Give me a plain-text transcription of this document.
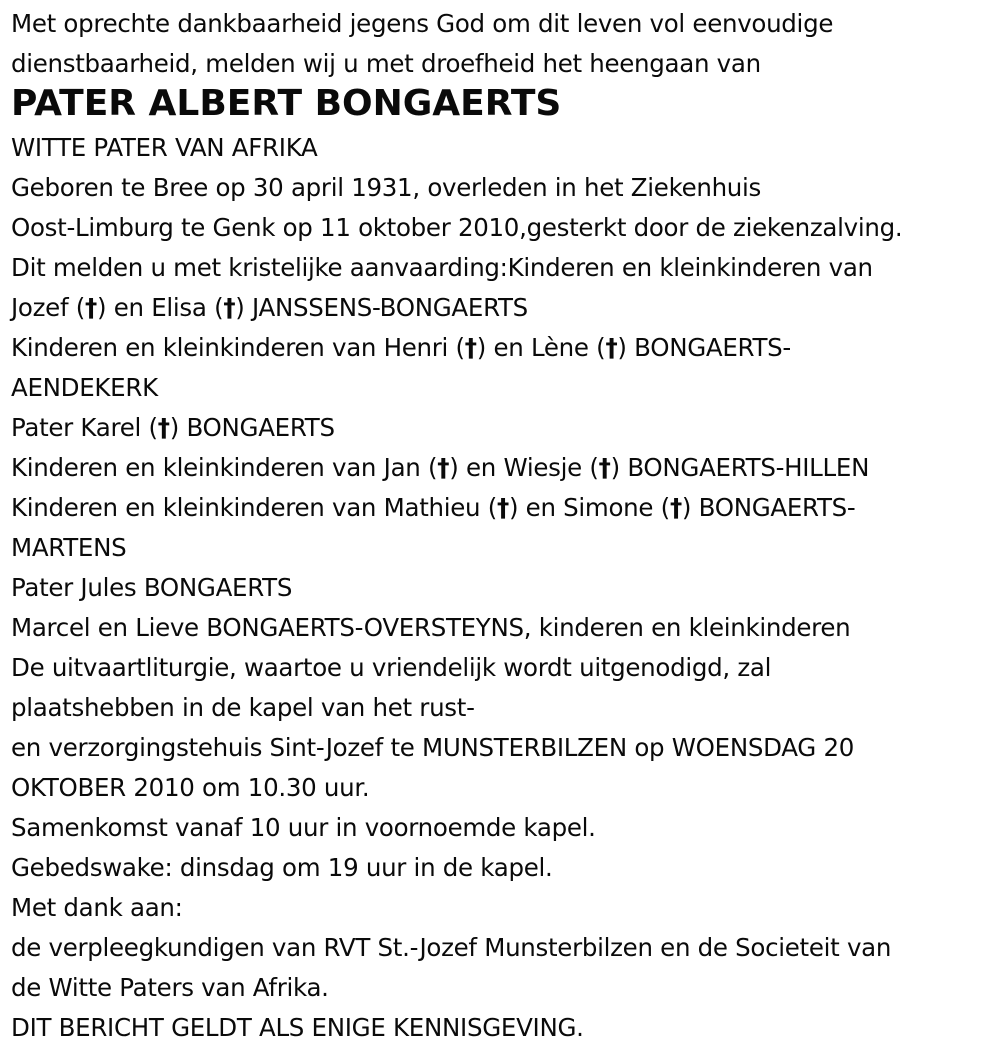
Met oprechte dankbaarheid jegens God om dit leven vol eenvoudige
dienstbaarheid, melden wij u met droefheid het heengaan van
PATER ALBERT BONGAERTS
WITTE PATER VAN AFRIKA
Geboren te Bree op 30 april 1931, overleden in het Ziekenhuis
Oost-Limburg te Genk op 11 oktober 2010,gesterkt door de ziekenzalving.
Dit melden u met kristelijke aanvaarding:Kinderen en kleinkinderen van
Jozef (†) en Elisa (†) JANSSENS-BONGAERTS
Kinderen en kleinkinderen van Henri (†) en Lène (†) BONGAERTS-
AENDEKERK
Pater Karel (†) BONGAERTS
Kinderen en kleinkinderen van Jan (†) en Wiesje (†) BONGAERTS-HILLEN
Kinderen en kleinkinderen van Mathieu (†) en Simone (†) BONGAERTS-
MARTENS
Pater Jules BONGAERTS
Marcel en Lieve BONGAERTS-OVERSTEYNS, kinderen en kleinkinderen
De uitvaartliturgie, waartoe u vriendelijk wordt uitgenodigd, zal
plaatshebben in de kapel van het rust-
en verzorgingstehuis Sint-Jozef te MUNSTERBILZEN op WOENSDAG 20
OKTOBER 2010 om 10.30 uur.
Samenkomst vanaf 10 uur in voornoemde kapel.
Gebedswake: dinsdag om 19 uur in de kapel.
Met dank aan:
de verpleegkundigen van RVT St.-Jozef Munsterbilzen en de Societeit van
de Witte Paters van Afrika.
DIT BERICHT GELDT ALS ENIGE KENNISGEVING.
